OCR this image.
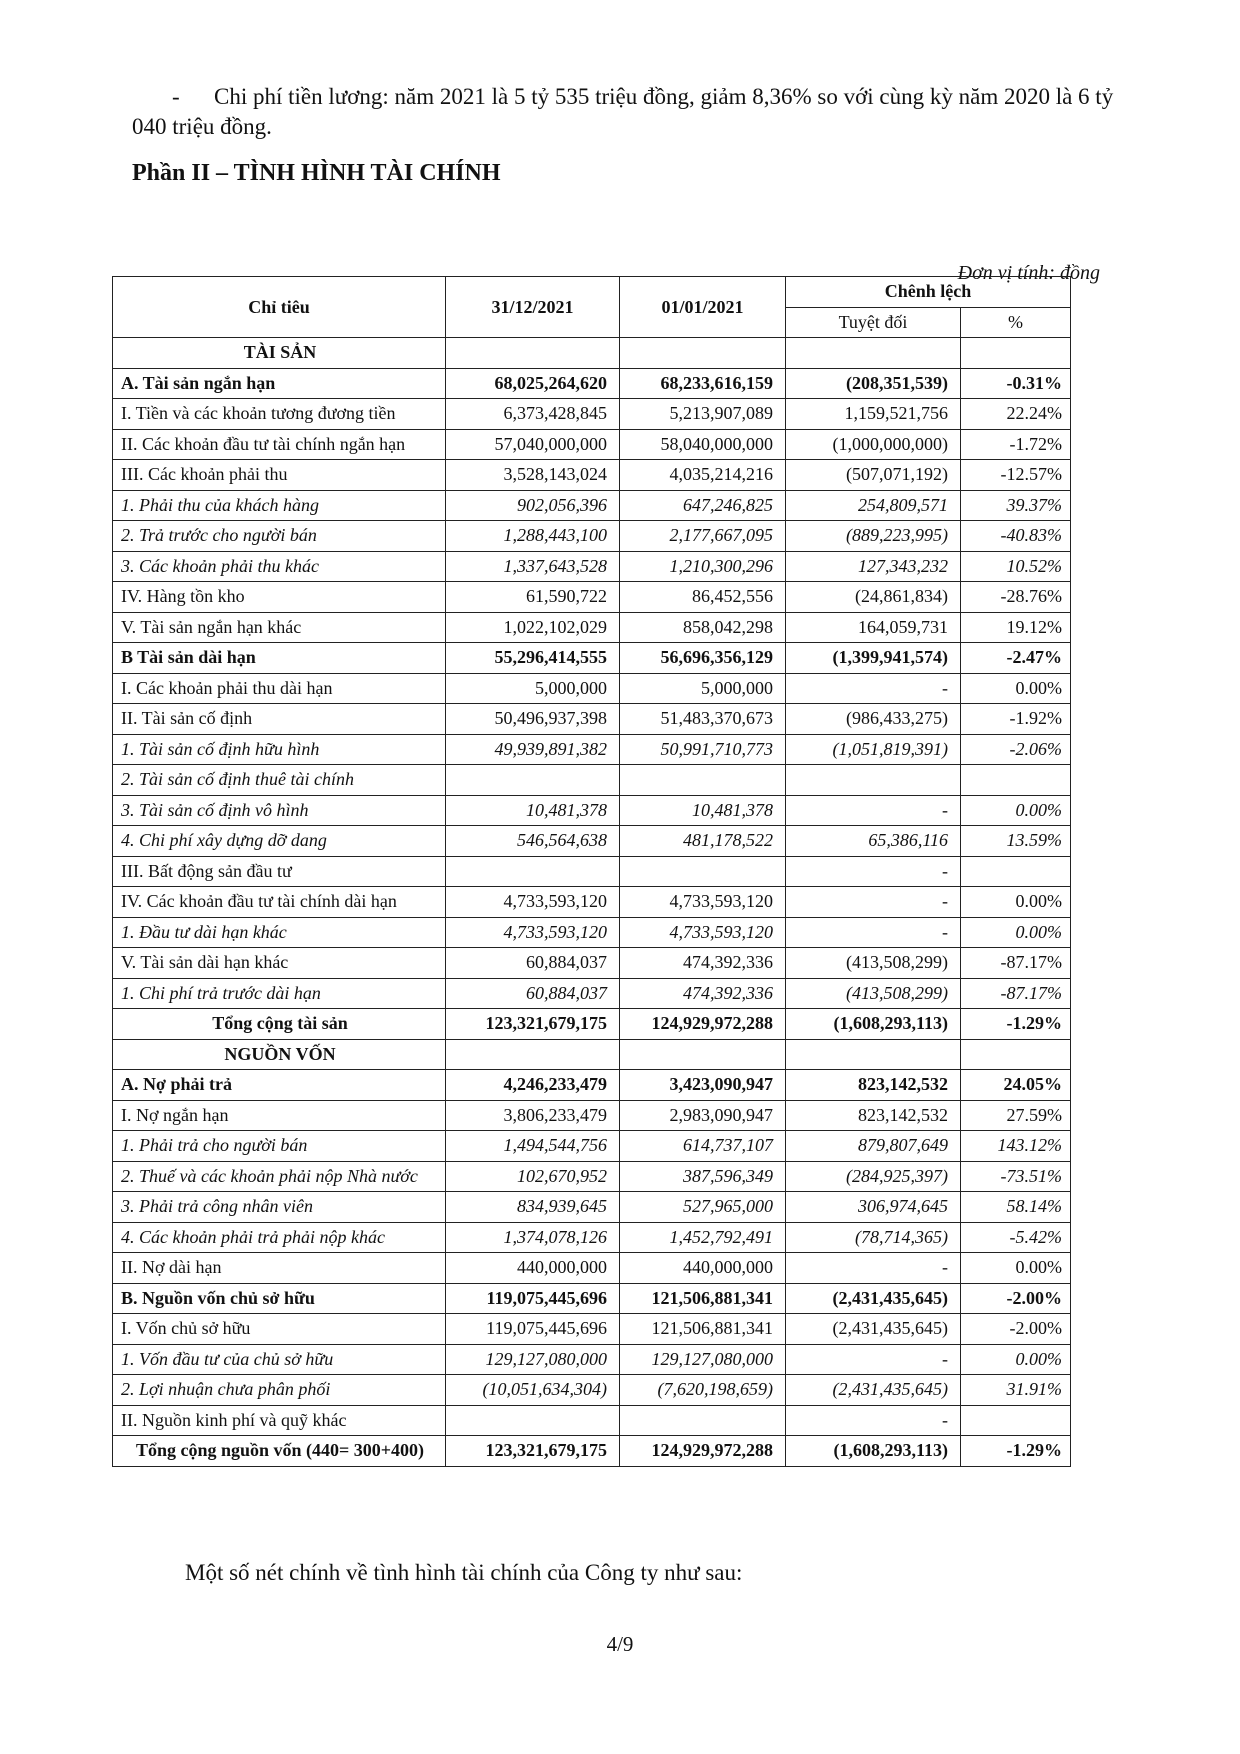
- Chi phí tiền lương: năm 2021 là 5 tỷ 535 triệu đồng, giảm 8,36% so với cùng kỳ năm 2020 là 6 tỷ 040 triệu đồng.
Phần II – TÌNH HÌNH TÀI CHÍNH
Đơn vị tính: đồng
Chỉ tiêu	31/12/2021	01/01/2021	Chênh lệch	
			Tuyệt đối	%
TÀI SẢN				
A. Tài sản ngắn hạn	68,025,264,620	68,233,616,159	(208,351,539)	-0.31%
I. Tiền và các khoản tương đương tiền	6,373,428,845	5,213,907,089	1,159,521,756	22.24%
II. Các khoản đầu tư tài chính ngắn hạn	57,040,000,000	58,040,000,000	(1,000,000,000)	-1.72%
III. Các khoản phải thu	3,528,143,024	4,035,214,216	(507,071,192)	-12.57%
1. Phải thu của khách hàng	902,056,396	647,246,825	254,809,571	39.37%
2. Trả trước cho người bán	1,288,443,100	2,177,667,095	(889,223,995)	-40.83%
3. Các khoản phải thu khác	1,337,643,528	1,210,300,296	127,343,232	10.52%
IV. Hàng tồn kho	61,590,722	86,452,556	(24,861,834)	-28.76%
V. Tài sản ngắn hạn khác	1,022,102,029	858,042,298	164,059,731	19.12%
B Tài sản dài hạn	55,296,414,555	56,696,356,129	(1,399,941,574)	-2.47%
I. Các khoản phải thu dài hạn	5,000,000	5,000,000	-	0.00%
II. Tài sản cố định	50,496,937,398	51,483,370,673	(986,433,275)	-1.92%
1. Tài sản cố định hữu hình	49,939,891,382	50,991,710,773	(1,051,819,391)	-2.06%
2. Tài sản cố định thuê tài chính				
3. Tài sản cố định vô hình	10,481,378	10,481,378	-	0.00%
4. Chi phí xây dựng dỡ dang	546,564,638	481,178,522	65,386,116	13.59%
III. Bất động sản đầu tư			-	
IV. Các khoản đầu tư tài chính dài hạn	4,733,593,120	4,733,593,120	-	0.00%
1. Đầu tư dài hạn khác	4,733,593,120	4,733,593,120	-	0.00%
V. Tài sản dài hạn khác	60,884,037	474,392,336	(413,508,299)	-87.17%
1. Chi phí trả trước dài hạn	60,884,037	474,392,336	(413,508,299)	-87.17%
Tổng cộng tài sản	123,321,679,175	124,929,972,288	(1,608,293,113)	-1.29%
NGUỒN VỐN				
A. Nợ phải trả	4,246,233,479	3,423,090,947	823,142,532	24.05%
I. Nợ ngắn hạn	3,806,233,479	2,983,090,947	823,142,532	27.59%
1. Phải trả cho người bán	1,494,544,756	614,737,107	879,807,649	143.12%
2. Thuế và các khoản phải nộp Nhà nước	102,670,952	387,596,349	(284,925,397)	-73.51%
3. Phải trả công nhân viên	834,939,645	527,965,000	306,974,645	58.14%
4. Các khoản phải trả phải nộp khác	1,374,078,126	1,452,792,491	(78,714,365)	-5.42%
II. Nợ dài hạn	440,000,000	440,000,000	-	0.00%
B. Nguồn vốn chủ sở hữu	119,075,445,696	121,506,881,341	(2,431,435,645)	-2.00%
I. Vốn chủ sở hữu	119,075,445,696	121,506,881,341	(2,431,435,645)	-2.00%
1. Vốn đầu tư của chủ sở hữu	129,127,080,000	129,127,080,000	-	0.00%
2. Lợi nhuận chưa phân phối	(10,051,634,304)	(7,620,198,659)	(2,431,435,645)	31.91%
II. Nguồn kinh phí và quỹ khác			-	
Tổng cộng nguồn vốn (440= 300+400)	123,321,679,175	124,929,972,288	(1,608,293,113)	-1.29%
Một số nét chính về tình hình tài chính của Công ty như sau:
4/9
